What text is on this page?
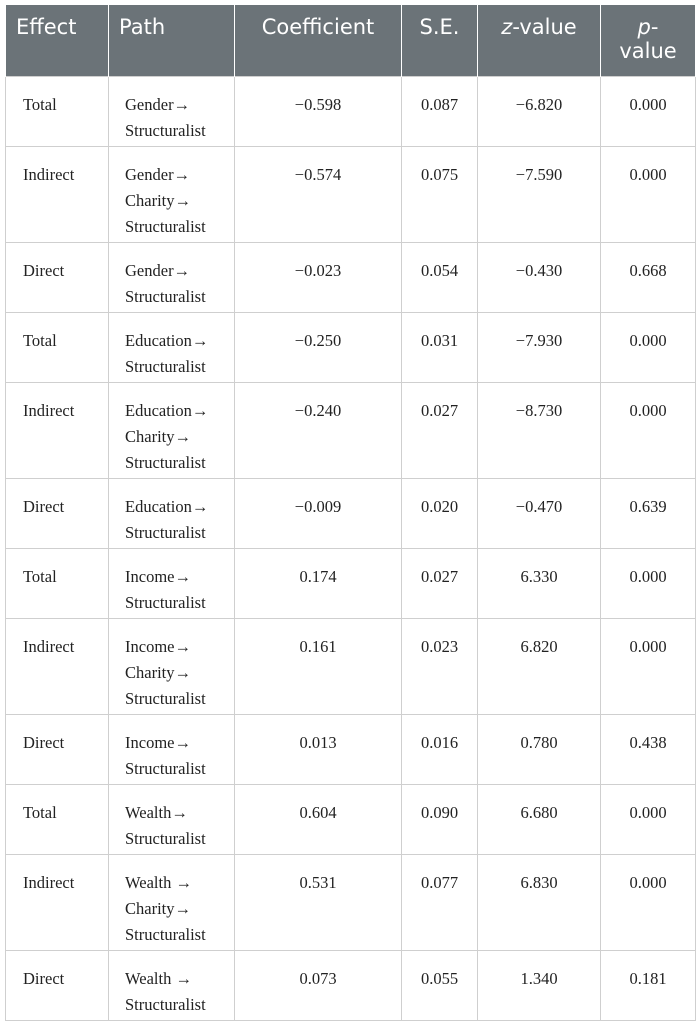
Effect	Path	Coefficient	S.E.	z-value	p-
value
Total	Gender→
Structuralist	−0.598	0.087	−6.820	0.000
Indirect	Gender→
Charity→
Structuralist	−0.574	0.075	−7.590	0.000
Direct	Gender→
Structuralist	−0.023	0.054	−0.430	0.668
Total	Education→
Structuralist	−0.250	0.031	−7.930	0.000
Indirect	Education→
Charity→
Structuralist	−0.240	0.027	−8.730	0.000
Direct	Education→
Structuralist	−0.009	0.020	−0.470	0.639
Total	Income→
Structuralist	0.174	0.027	6.330	0.000
Indirect	Income→
Charity→
Structuralist	0.161	0.023	6.820	0.000
Direct	Income→
Structuralist	0.013	0.016	0.780	0.438
Total	Wealth→
Structuralist	0.604	0.090	6.680	0.000
Indirect	Wealth →
Charity→
Structuralist	0.531	0.077	6.830	0.000
Direct	Wealth →
Structuralist	0.073	0.055	1.340	0.181
